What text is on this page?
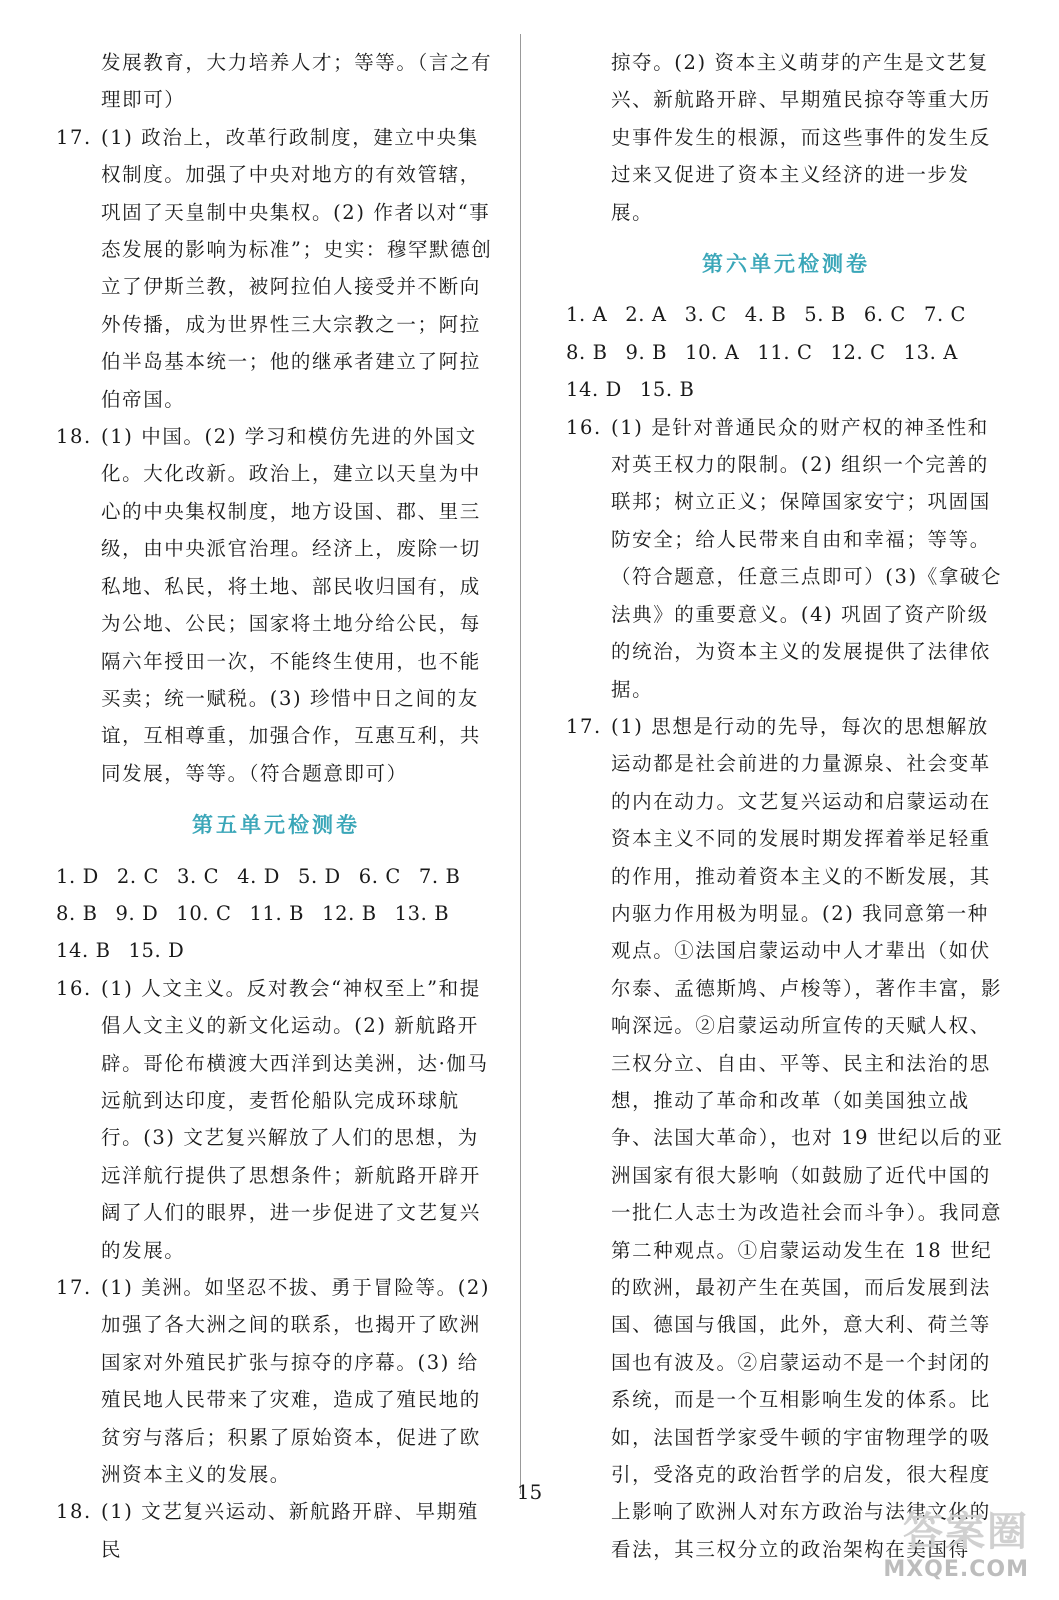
发展教育，大力培养人才；等等。（言之有理即可）
17. (1) 政治上，改革行政制度，建立中央集权制度。加强了中央对地方的有效管辖，巩固了天皇制中央集权。(2) 作者以对“事态发展的影响为标准”；史实：穆罕默德创立了伊斯兰教，被阿拉伯人接受并不断向外传播，成为世界性三大宗教之一；阿拉伯半岛基本统一；他的继承者建立了阿拉伯帝国。
18. (1) 中国。(2) 学习和模仿先进的外国文化。大化改新。政治上，建立以天皇为中心的中央集权制度，地方设国、郡、里三级，由中央派官治理。经济上，废除一切私地、私民，将土地、部民收归国有，成为公地、公民；国家将土地分给公民，每隔六年授田一次，不能终生使用，也不能买卖；统一赋税。(3) 珍惜中日之间的友谊，互相尊重，加强合作，互惠互利，共同发展，等等。（符合题意即可）
第五单元检测卷
1. D 2. C 3. C 4. D 5. D 6. C 7. B
8. B 9. D 10. C 11. B 12. B 13. B
14. B 15. D
16. (1) 人文主义。反对教会“神权至上”和提倡人文主义的新文化运动。(2) 新航路开辟。哥伦布横渡大西洋到达美洲，达·伽马远航到达印度，麦哲伦船队完成环球航行。(3) 文艺复兴解放了人们的思想，为远洋航行提供了思想条件；新航路开辟开阔了人们的眼界，进一步促进了文艺复兴的发展。
17. (1) 美洲。如坚忍不拔、勇于冒险等。(2) 加强了各大洲之间的联系，也揭开了欧洲国家对外殖民扩张与掠夺的序幕。(3) 给殖民地人民带来了灾难，造成了殖民地的贫穷与落后；积累了原始资本，促进了欧洲资本主义的发展。
18. (1) 文艺复兴运动、新航路开辟、早期殖民
掠夺。(2) 资本主义萌芽的产生是文艺复兴、新航路开辟、早期殖民掠夺等重大历史事件发生的根源，而这些事件的发生反过来又促进了资本主义经济的进一步发展。
第六单元检测卷
1. A 2. A 3. C 4. B 5. B 6. C 7. C
8. B 9. B 10. A 11. C 12. C 13. A
14. D 15. B
16. (1) 是针对普通民众的财产权的神圣性和对英王权力的限制。(2) 组织一个完善的联邦；树立正义；保障国家安宁；巩固国防安全；给人民带来自由和幸福；等等。（符合题意，任意三点即可）(3)《拿破仑法典》的重要意义。(4) 巩固了资产阶级的统治，为资本主义的发展提供了法律依据。
17. (1) 思想是行动的先导，每次的思想解放运动都是社会前进的力量源泉、社会变革的内在动力。文艺复兴运动和启蒙运动在资本主义不同的发展时期发挥着举足轻重的作用，推动着资本主义的不断发展，其内驱力作用极为明显。(2) 我同意第一种观点。①法国启蒙运动中人才辈出（如伏尔泰、孟德斯鸠、卢梭等），著作丰富，影响深远。②启蒙运动所宣传的天赋人权、三权分立、自由、平等、民主和法治的思想，推动了革命和改革（如美国独立战争、法国大革命），也对 19 世纪以后的亚洲国家有很大影响（如鼓励了近代中国的一批仁人志士为改造社会而斗争）。我同意第二种观点。①启蒙运动发生在 18 世纪的欧洲，最初产生在英国，而后发展到法国、德国与俄国，此外，意大利、荷兰等国也有波及。②启蒙运动不是一个封闭的系统，而是一个互相影响生发的体系。比如，法国哲学家受牛顿的宇宙物理学的吸引，受洛克的政治哲学的启发，很大程度上影响了欧洲人对东方政治与法律文化的看法，其三权分立的政治架构在美国得
15
答案圈
MXQE.COM
